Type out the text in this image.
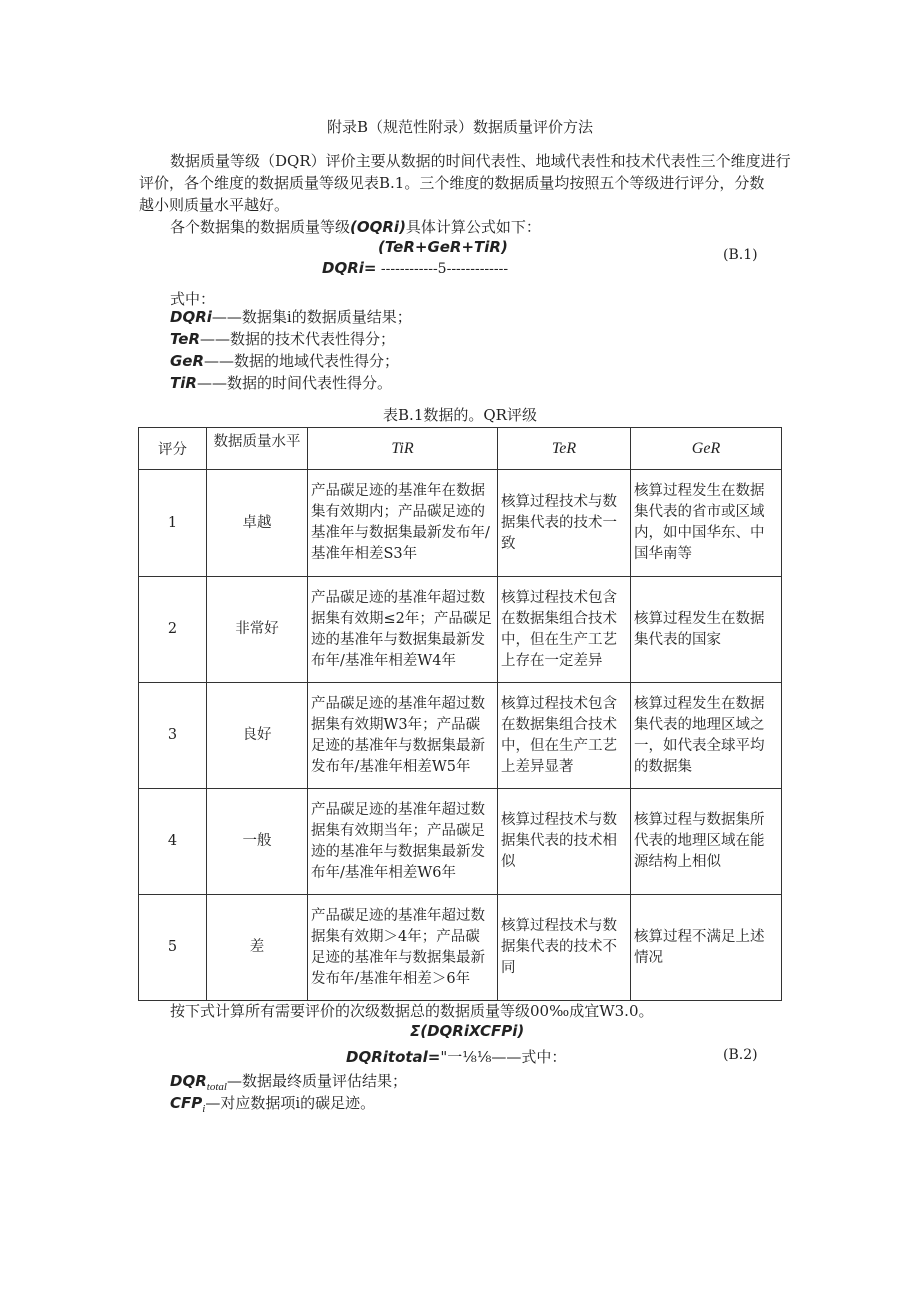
附录B（规范性附录）数据质量评价方法
数据质量等级（DQR）评价主要从数据的时间代表性、地域代表性和技术代表性三个维度进行
评价，各个维度的数据质量等级见表B.1。三个维度的数据质量均按照五个等级进行评分，分数
越小则质量水平越好。
各个数据集的数据质量等级(OQRi)具体计算公式如下：
(TeR+GeR+TiR)
DQRi= ------------5-------------
(B.1)
式中：
DQRi——数据集i的数据质量结果；
TeR——数据的技术代表性得分；
GeR——数据的地域代表性得分；
TiR——数据的时间代表性得分。
表B.1数据的。QR评级
评分	数据质量水平	TiR	TeR	GeR
1	卓越	产品碳足迹的基准年在数据集有效期内；产品碳足迹的基准年与数据集最新发布年/基准年相差S3年	核算过程技术与数据集代表的技术一致	核算过程发生在数据集代表的省市或区域内，如中国华东、中国华南等
2	非常好	产品碳足迹的基准年超过数据集有效期≤2年；产品碳足迹的基准年与数据集最新发布年/基准年相差W4年	核算过程技术包含在数据集组合技术中，但在生产工艺上存在一定差异	核算过程发生在数据集代表的国家
3	良好	产品碳足迹的基准年超过数据集有效期W3年；产品碳足迹的基准年与数据集最新发布年/基准年相差W5年	核算过程技术包含在数据集组合技术中，但在生产工艺上差异显著	核算过程发生在数据集代表的地理区域之一，如代表全球平均的数据集
4	一般	产品碳足迹的基准年超过数据集有效期当年；产品碳足迹的基准年与数据集最新发布年/基准年相差W6年	核算过程技术与数据集代表的技术相似	核算过程与数据集所代表的地理区域在能源结构上相似
5	差	产品碳足迹的基准年超过数据集有效期＞4年；产品碳足迹的基准年与数据集最新发布年/基准年相差＞6年	核算过程技术与数据集代表的技术不同	核算过程不满足上述情况
按下式计算所有需要评价的次级数据总的数据质量等级00‰成宜W3.0。
Σ(DQRiXCFPi)
DQRitotal="一⅛⅛——式中：	(B.2)
$DQR_{total}—$数据最终质量评估结果；
$CFP_i—$对应数据项i的碳足迹。
